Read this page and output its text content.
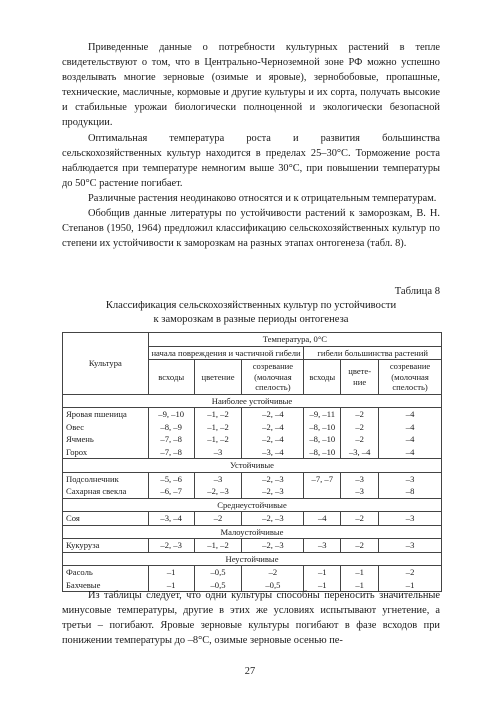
Приведенные данные о потребности культурных растений в тепле свидетельствуют о том, что в Центрально-Черноземной зоне РФ можно успешно возделывать многие зерновые (озимые и яровые), зернобобовые, пропашные, технические, масличные, кормовые и другие культуры и их сорта, получать высокие и стабильные урожаи биологически полноценной и экологически безопасной продукции.

Оптимальная температура роста и развития большинства сельскохозяйственных культур находится в пределах 25–30°С. Торможение роста наблюдается при температуре немногим выше 30°С, при повышении температуры до 50°С растение погибает.

Различные растения неодинаково относятся и к отрицательным температурам.

Обобщив данные литературы по устойчивости растений к заморозкам, В. Н. Степанов (1950, 1964) предложил классификацию сельскохозяйственных культур по степени их устойчивости к заморозкам на разных этапах онтогенеза (табл. 8).

Таблица 8
Классификация сельскохозяйственных культур по устойчивости
к заморозкам в разные периоды онтогенеза
Культура	Температура, 0°С					
	начала повреждения и частичной гибели			гибели большинства растений		
	всходы	цветение	созревание (молочная спелость)	всходы	цвете-ние	созревание (молочная спелость)
Наиболее устойчивые						
Яровая пшеница	–9, –10	–1, –2	–2, –4	–9, –11	–2	–4
Овес	–8, –9	–1, –2	–2, –4	–8, –10	–2	–4
Ячмень	–7, –8	–1, –2	–2, –4	–8, –10	–2	–4
Горох	–7, –8	–3	–3, –4	–8, –10	–3, –4	–4
Устойчивые						
Подсолнечник	–5, –6	–3	–2, –3	–7, –7	–3	–3
Сахарная свекла	–6, –7	–2, –3	–2, –3		–3	–8
Среднеустойчивые						
Соя	–3, –4	–2	–2, –3	–4	–2	–3
Малоустойчивые						
Кукуруза	–2, –3	–1, –2	–2, –3	–3	–2	–3
Неустойчивые						
Фасоль	–1	–0,5	–2	–1	–1	–2
Бахчевые	–1	–0,5	–0,5	–1	–1	–1

Из таблицы следует, что одни культуры способны переносить значительные минусовые температуры, другие в этих же условиях испытывают угнетение, а третьи – погибают. Яровые зерновые культуры погибают в фазе всходов при понижении температуры до –8°С, озимые зерновые осенью пе-

27
